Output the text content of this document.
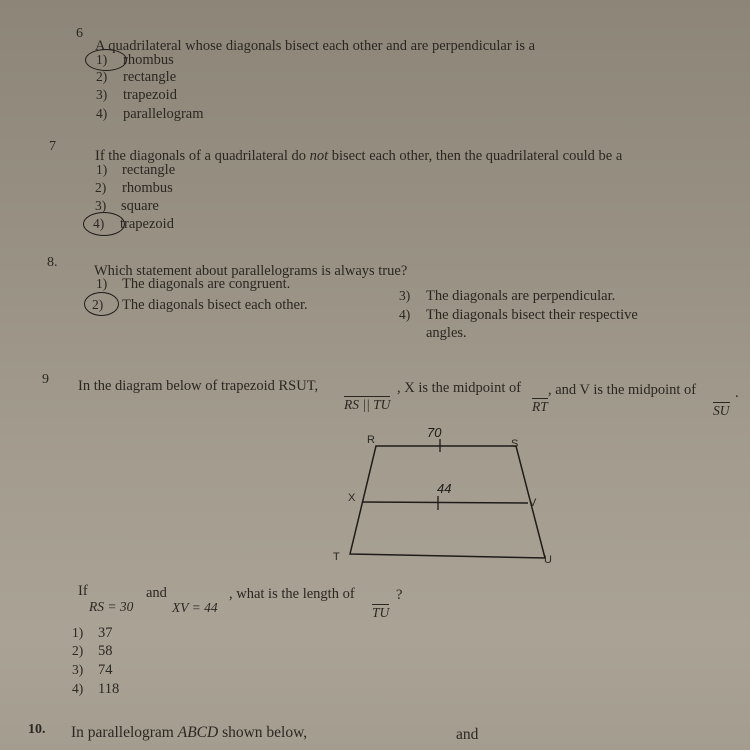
6
A quadrilateral whose diagonals bisect each other and are perpendicular is a
1) rhombus
2) rectangle
3) trapezoid
4) parallelogram
7
If the diagonals of a quadrilateral do not bisect each other, then the quadrilateral could be a
1) rectangle
2) rhombus
3) square
4) trapezoid
8.
Which statement about parallelograms is always true?
1) The diagonals are congruent.
2) The diagonals bisect each other.
3) The diagonals are perpendicular.
4) The diagonals bisect their respective
angles.
9 In the diagram below of trapezoid RSUT,
RS || TU
, X is the midpoint of
RT
, and V is the midpoint of
SU
.
R	S
X	V
T	U
70
44
If
RS = 30
and
XV = 44
, what is the length of
TU
?
1) 37
2) 58
3) 74
4) 118
10. In parallelogram ABCD shown below,	and
